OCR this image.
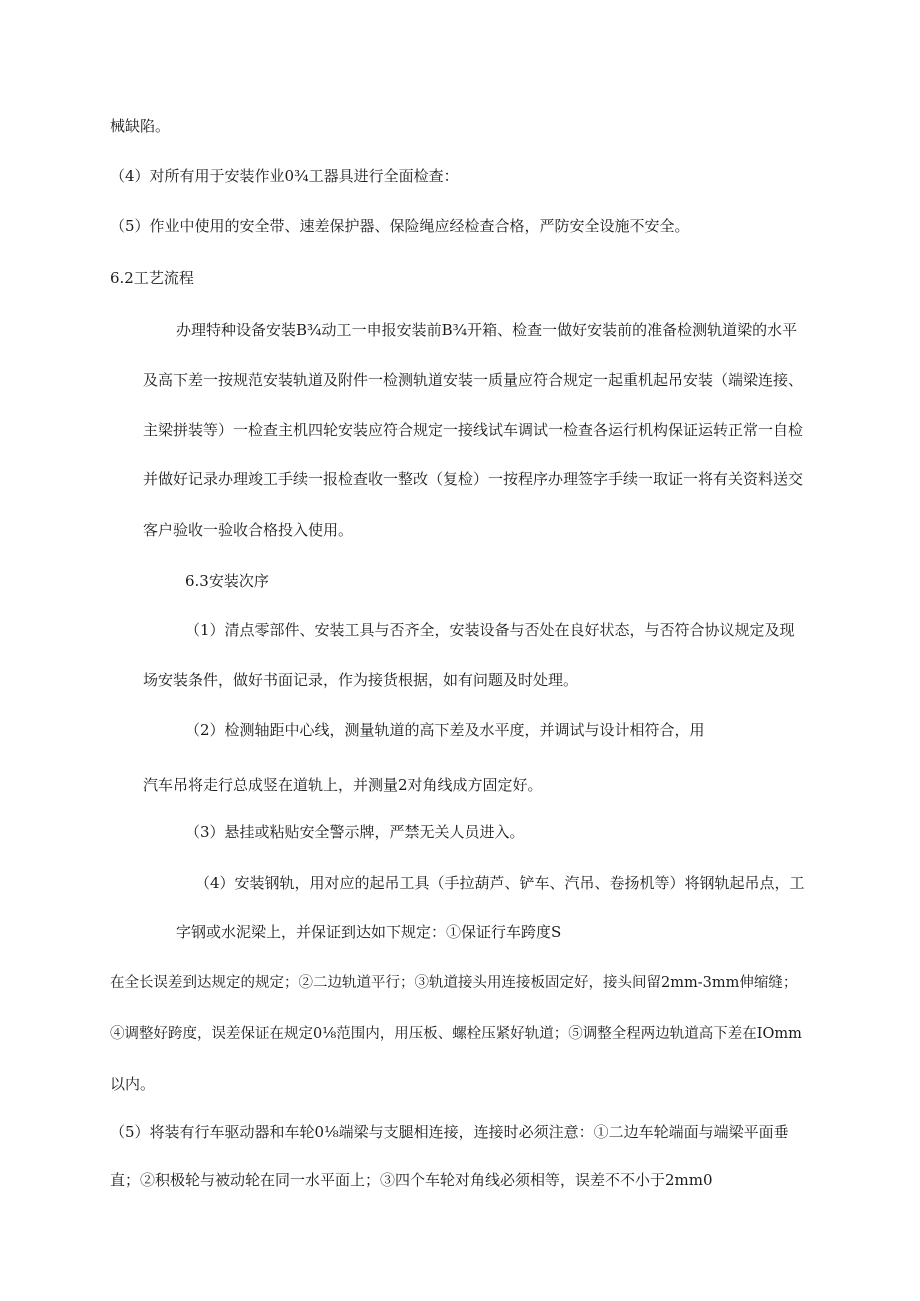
械缺陷。
（4）对所有用于安装作业0¾工器具进行全面检查：
（5）作业中使用的安全带、速差保护器、保险绳应经检查合格，严防安全设施不安全。
6.2工艺流程
办理特种设备安装B¾动工一申报安装前B¾开箱、检查一做好安装前的准备检测轨道梁的水平
及高下差一按规范安装轨道及附件一检测轨道安装一质量应符合规定一起重机起吊安装（端梁连接、
主梁拼装等）一检查主机四轮安装应符合规定一接线试车调试一检查各运行机构保证运转正常一自检
并做好记录办理竣工手续一报检查收一整改（复检）一按程序办理签字手续一取证一将有关资料送交
客户验收一验收合格投入使用。
6.3安装次序
（1）清点零部件、安装工具与否齐全，安装设备与否处在良好状态，与否符合协议规定及现
场安装条件，做好书面记录，作为接货根据，如有问题及时处理。
（2）检测轴距中心线，测量轨道的高下差及水平度，并调试与设计相符合，用
汽车吊将走行总成竖在道轨上，并测量2对角线成方固定好。
（3）悬挂或粘贴安全警示牌，严禁无关人员进入。
（4）安装钢轨，用对应的起吊工具（手拉葫芦、铲车、汽吊、卷扬机等）将钢轨起吊点，工
字钢或水泥梁上，并保证到达如下规定：①保证行车跨度S
在全长误差到达规定的规定；②二边轨道平行；③轨道接头用连接板固定好，接头间留2mm-3mm伸缩缝；
④调整好跨度，误差保证在规定0⅛范围内，用压板、螺栓压紧好轨道；⑤调整全程两边轨道高下差在IOmm
以内。
（5）将装有行车驱动器和车轮0⅛端梁与支腿相连接，连接时必须注意：①二边车轮端面与端梁平面垂
直；②积极轮与被动轮在同一水平面上；③四个车轮对角线必须相等，误差不不小于2mm0
